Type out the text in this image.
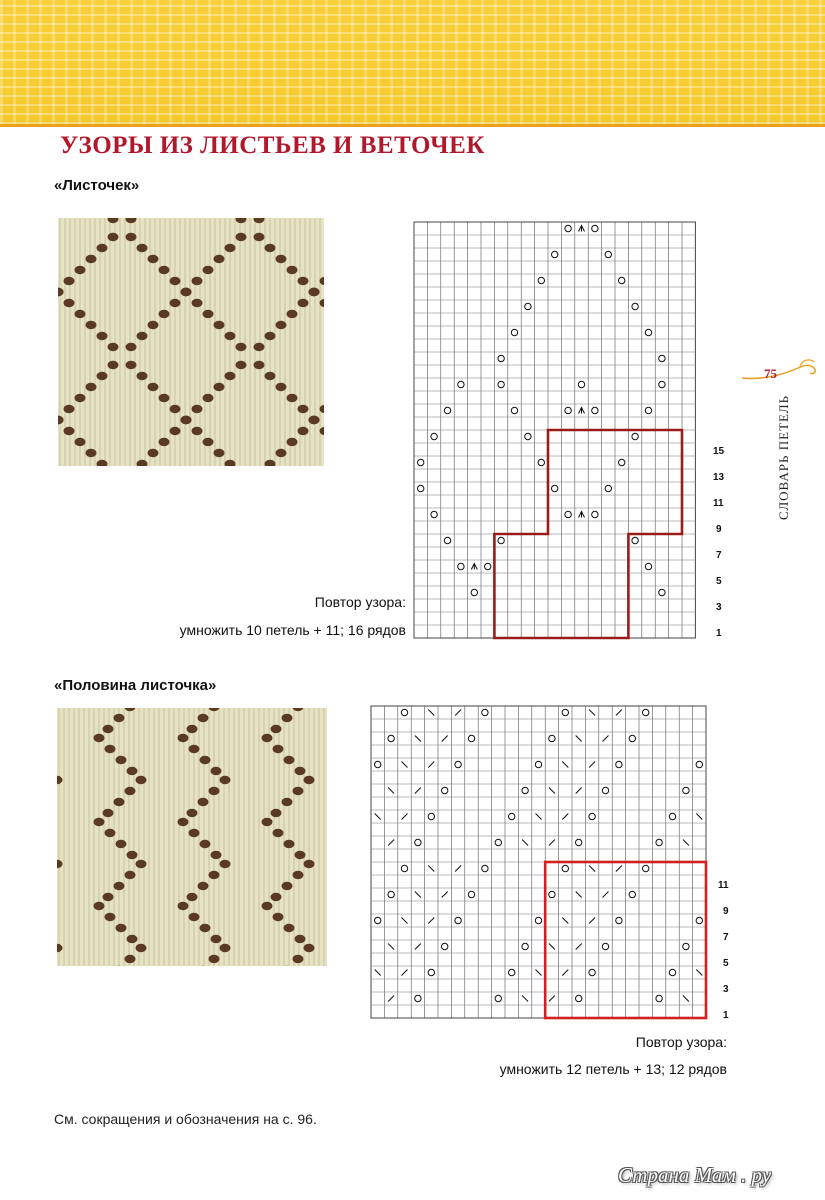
УЗОРЫ ИЗ ЛИСТЬЕВ И ВЕТОЧЕК
«Листочек»
15
13
11
9
7
5
3
1
Повтор узора:
умножить 10 петель + 11; 16 рядов
«Половина листочка»
11
9
7
5
3
1
Повтор узора:
умножить 12 петель + 13; 12 рядов
См. сокращения и обозначения на с. 96.
75
СЛОВАРЬ ПЕТЕЛЬ
Страна Мам . ру
